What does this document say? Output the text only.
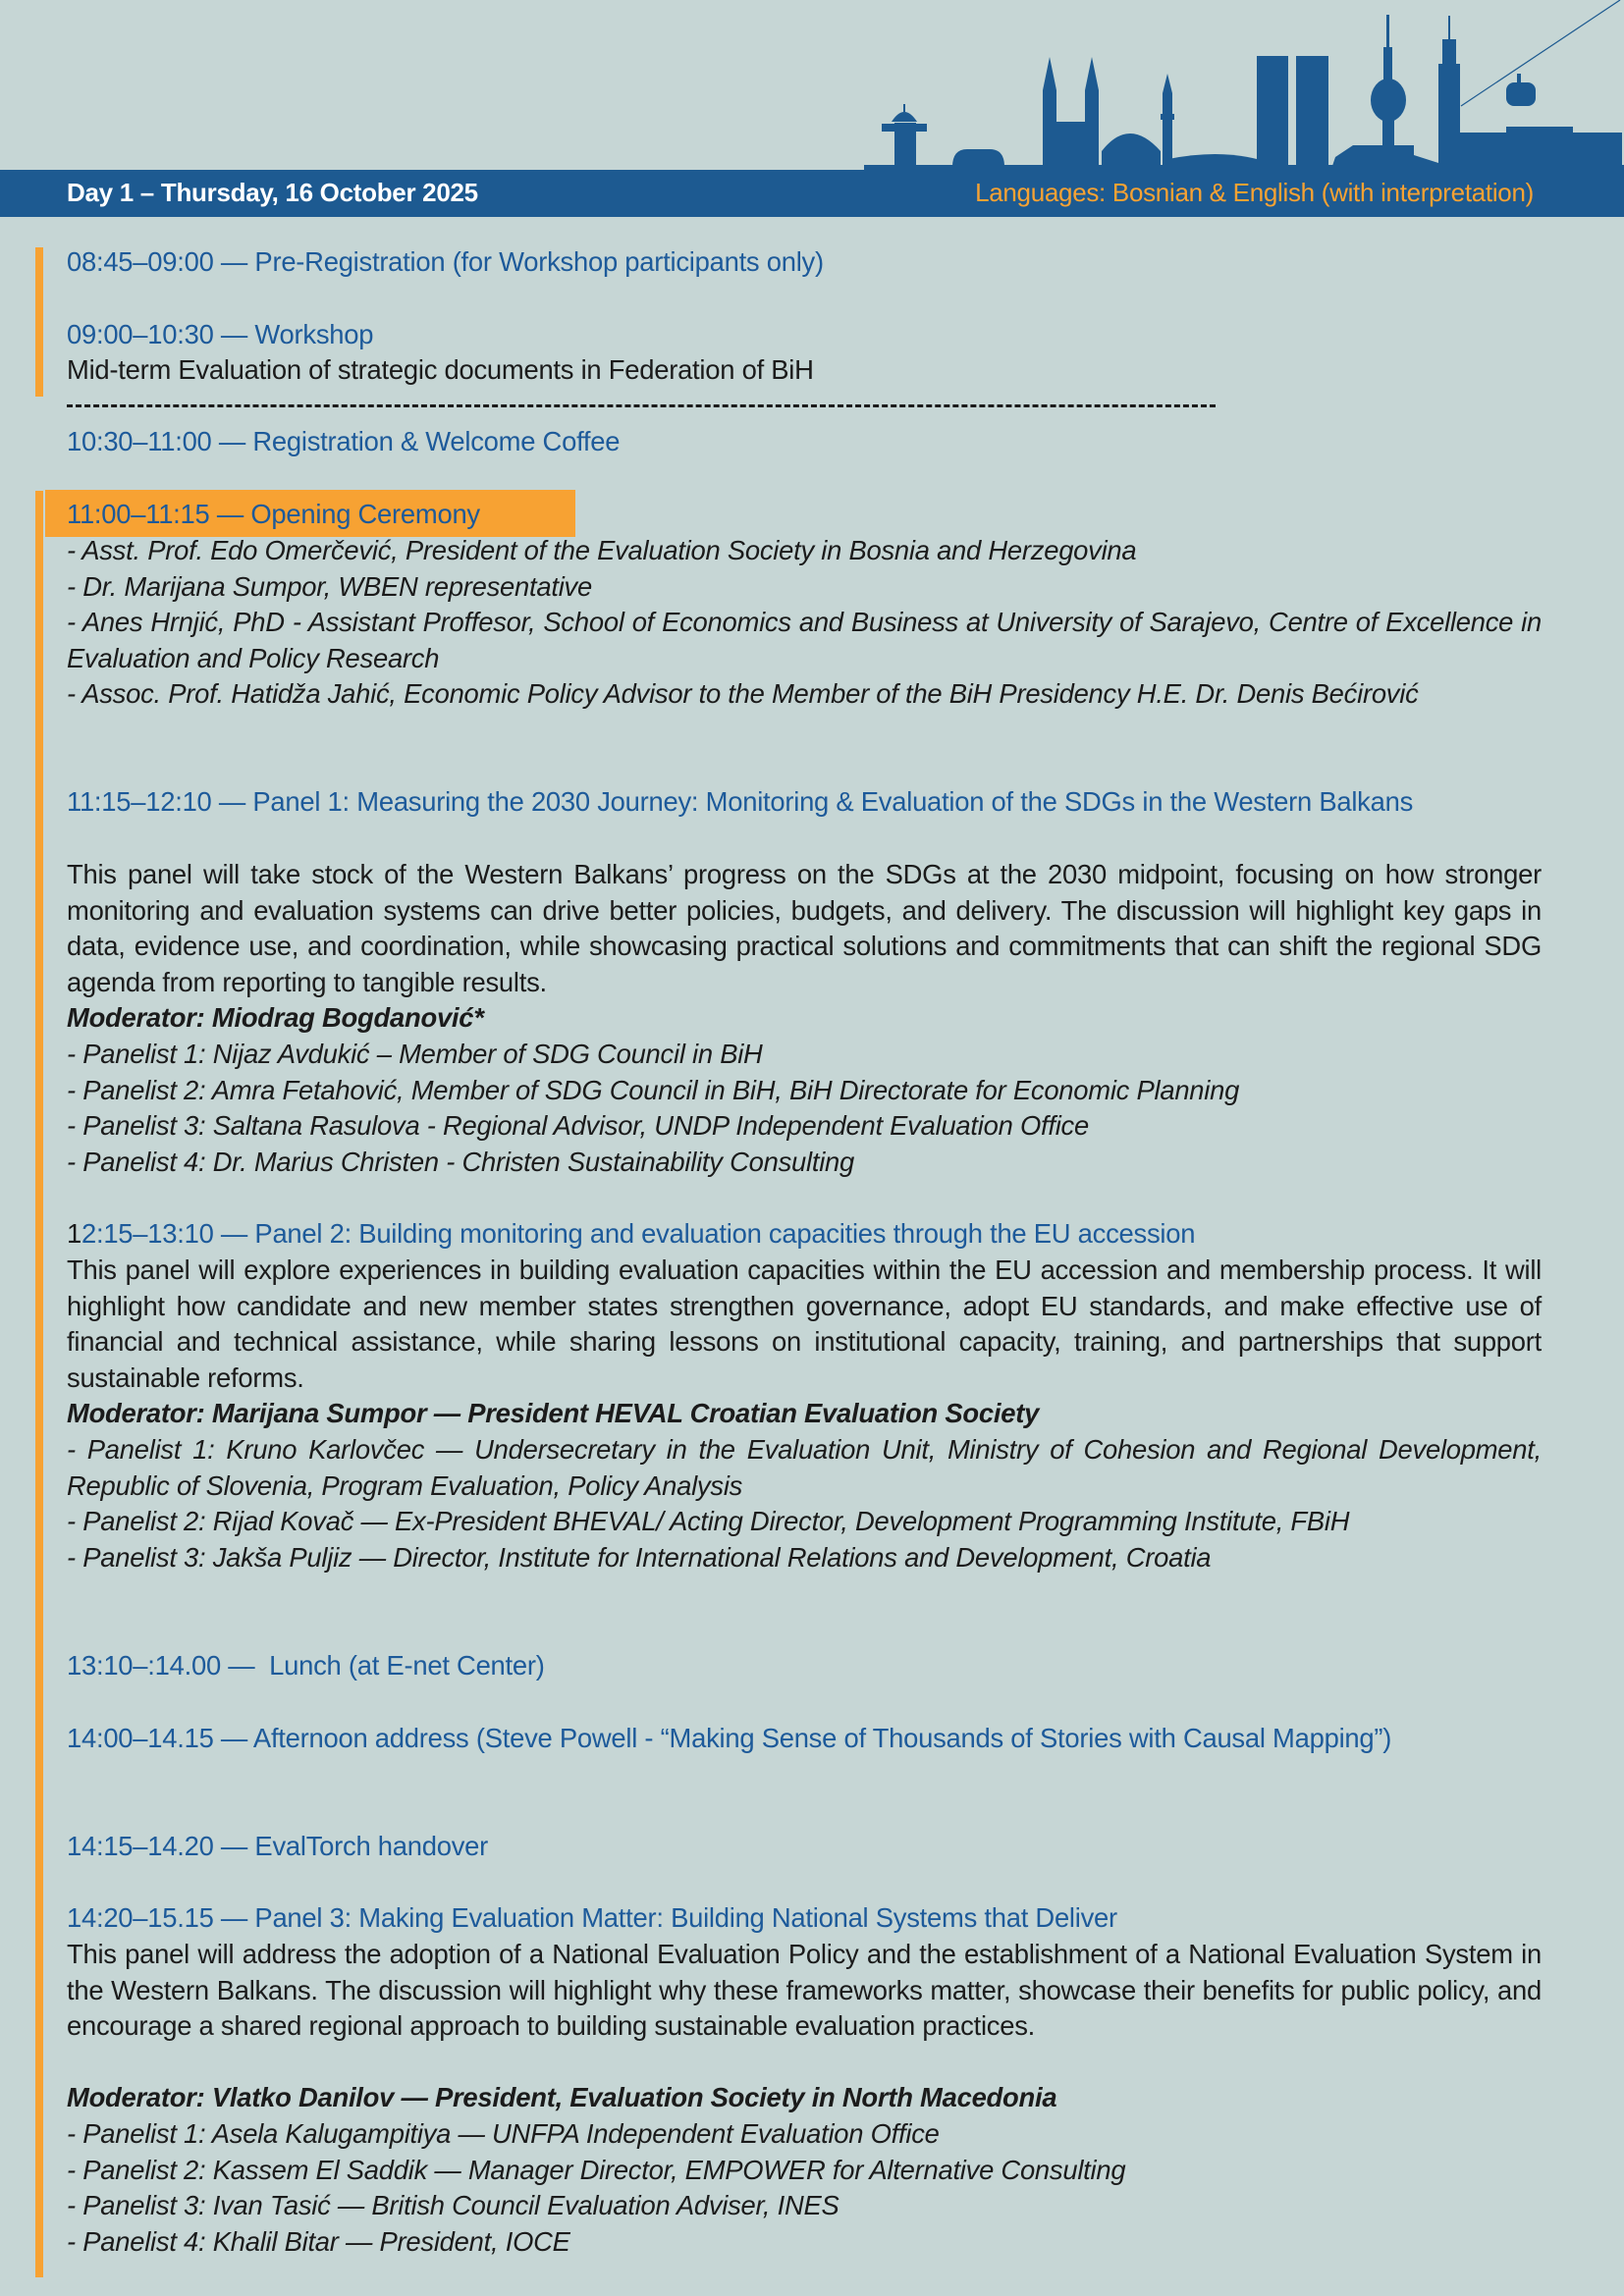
Day 1 – Thursday, 16 October 2025	Languages: Bosnian & English (with interpretation)
08:45–09:00 — Pre-Registration (for Workshop participants only)
09:00–10:30 — Workshop
Mid-term Evaluation of strategic documents in Federation of BiH
10:30–11:00 — Registration & Welcome Coffee
11:00–11:15 — Opening Ceremony

- Asst. Prof. Edo Omerčević, President of the Evaluation Society in Bosnia and Herzegovina

- Dr. Marijana Sumpor, WBEN representative

- Anes Hrnjić, PhD - Assistant Proffesor, School of Economics and Business at University of Sarajevo, Centre of Excellence in Evaluation and Policy Research

- Assoc. Prof. Hatidža Jahić, Economic Policy Advisor to the Member of the BiH Presidency H.E. Dr. Denis Bećirović

11:15–12:10 — Panel 1: Measuring the 2030 Journey: Monitoring & Evaluation of the SDGs in the Western Balkans
This panel will take stock of the Western Balkans’ progress on the SDGs at the 2030 midpoint, focusing on how stronger monitoring and evaluation systems can drive better policies, budgets, and delivery. The discussion will highlight key gaps in data, evidence use, and coordination, while showcasing practical solutions and commitments that can shift the regional SDG agenda from reporting to tangible results.
Moderator: Miodrag Bogdanović*

- Panelist 1: Nijaz Avdukić – Member of SDG Council in BiH

- Panelist 2: Amra Fetahović, Member of SDG Council in BiH, BiH Directorate for Economic Planning

- Panelist 3: Saltana Rasulova - Regional Advisor, UNDP Independent Evaluation Office

- Panelist 4: Dr. Marius Christen - Christen Sustainability Consulting

12:15–13:10 — Panel 2: Building monitoring and evaluation capacities through the EU accession
This panel will explore experiences in building evaluation capacities within the EU accession and membership process. It will highlight how candidate and new member states strengthen governance, adopt EU standards, and make effective use of financial and technical assistance, while sharing lessons on institutional capacity, training, and partnerships that support sustainable reforms.
Moderator: Marijana Sumpor — President HEVAL Croatian Evaluation Society

- Panelist 1: Kruno Karlovčec — Undersecretary in the Evaluation Unit, Ministry of Cohesion and Regional Development, Republic of Slovenia, Program Evaluation, Policy Analysis

- Panelist 2: Rijad Kovač — Ex-President BHEVAL/ Acting Director, Development Programming Institute, FBiH

- Panelist 3: Jakša Puljiz — Director, Institute for International Relations and Development, Croatia

13:10–:14.00 —  Lunch (at E-net Center)
14:00–14.15 — Afternoon address (Steve Powell - “Making Sense of Thousands of Stories with Causal Mapping”)
14:15–14.20 — EvalTorch handover
14:20–15.15 — Panel 3: Making Evaluation Matter: Building National Systems that Deliver
This panel will address the adoption of a National Evaluation Policy and the establishment of a National Evaluation System in the Western Balkans. The discussion will highlight why these frameworks matter, showcase their benefits for public policy, and encourage a shared regional approach to building sustainable evaluation practices.
Moderator: Vlatko Danilov — President, Evaluation Society in North Macedonia

- Panelist 1: Asela Kalugampitiya — UNFPA Independent Evaluation Office

- Panelist 2: Kassem El Saddik — Manager Director, EMPOWER for Alternative Consulting

- Panelist 3: Ivan Tasić — British Council Evaluation Adviser, INES

- Panelist 4: Khalil Bitar — President, IOCE
